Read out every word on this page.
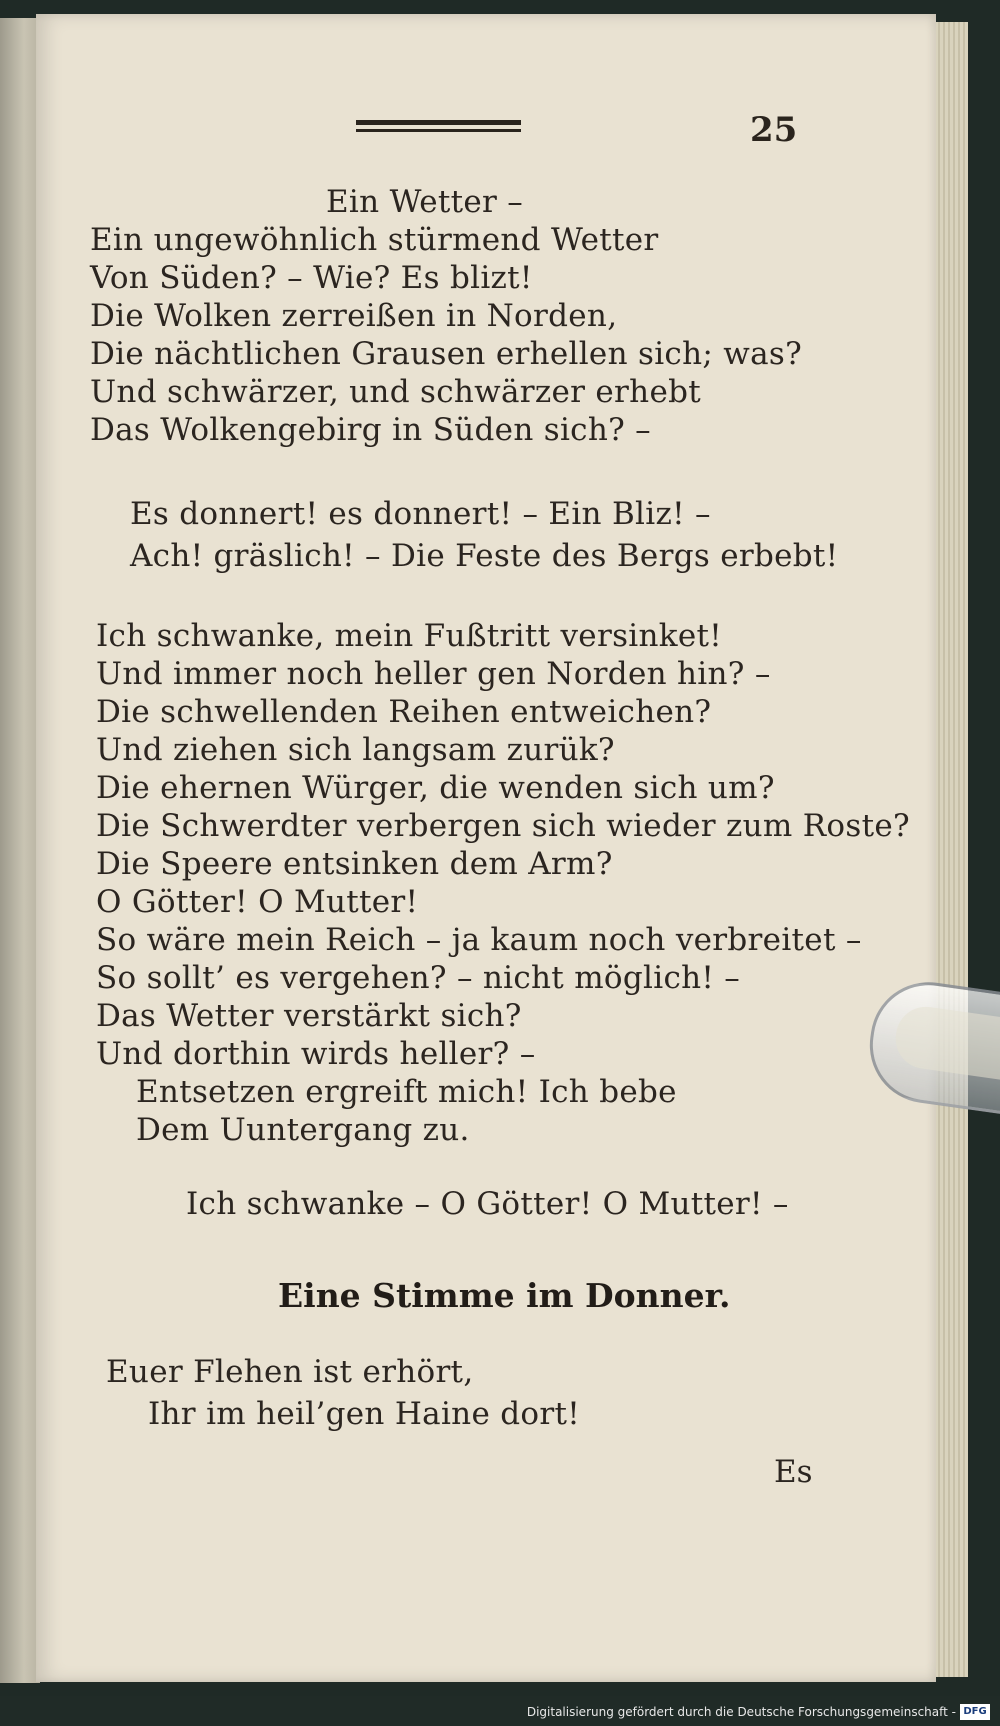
25
Ein Wetter –
Ein ungewöhnlich stürmend Wetter
Von Süden? – Wie? Es blizt!
Die Wolken zerreißen in Norden,
Die nächtlichen Grausen erhellen sich; was?
Und schwärzer, und schwärzer erhebt
Das Wolkengebirg in Süden sich? –
Es donnert! es donnert! – Ein Bliz! –
Ach! gräslich! – Die Feste des Bergs erbebt!
Ich schwanke, mein Fußtritt versinket!
Und immer noch heller gen Norden hin? –
Die schwellenden Reihen entweichen?
Und ziehen sich langsam zurük?
Die ehernen Würger, die wenden sich um?
Die Schwerdter verbergen sich wieder zum Roste?
Die Speere entsinken dem Arm?
O Götter! O Mutter!
So wäre mein Reich – ja kaum noch verbreitet –
So sollt’ es vergehen? – nicht möglich! –
Das Wetter verstärkt sich?
Und dorthin wirds heller? –
Entsetzen ergreift mich! Ich bebe
Dem Uuntergang zu.
Ich schwanke – O Götter! O Mutter! –
Eine Stimme im Donner.
Euer Flehen ist erhört,
Ihr im heil’gen Haine dort!
Es
Digitalisierung gefördert durch die Deutsche Forschungsgemeinschaft - DFG
